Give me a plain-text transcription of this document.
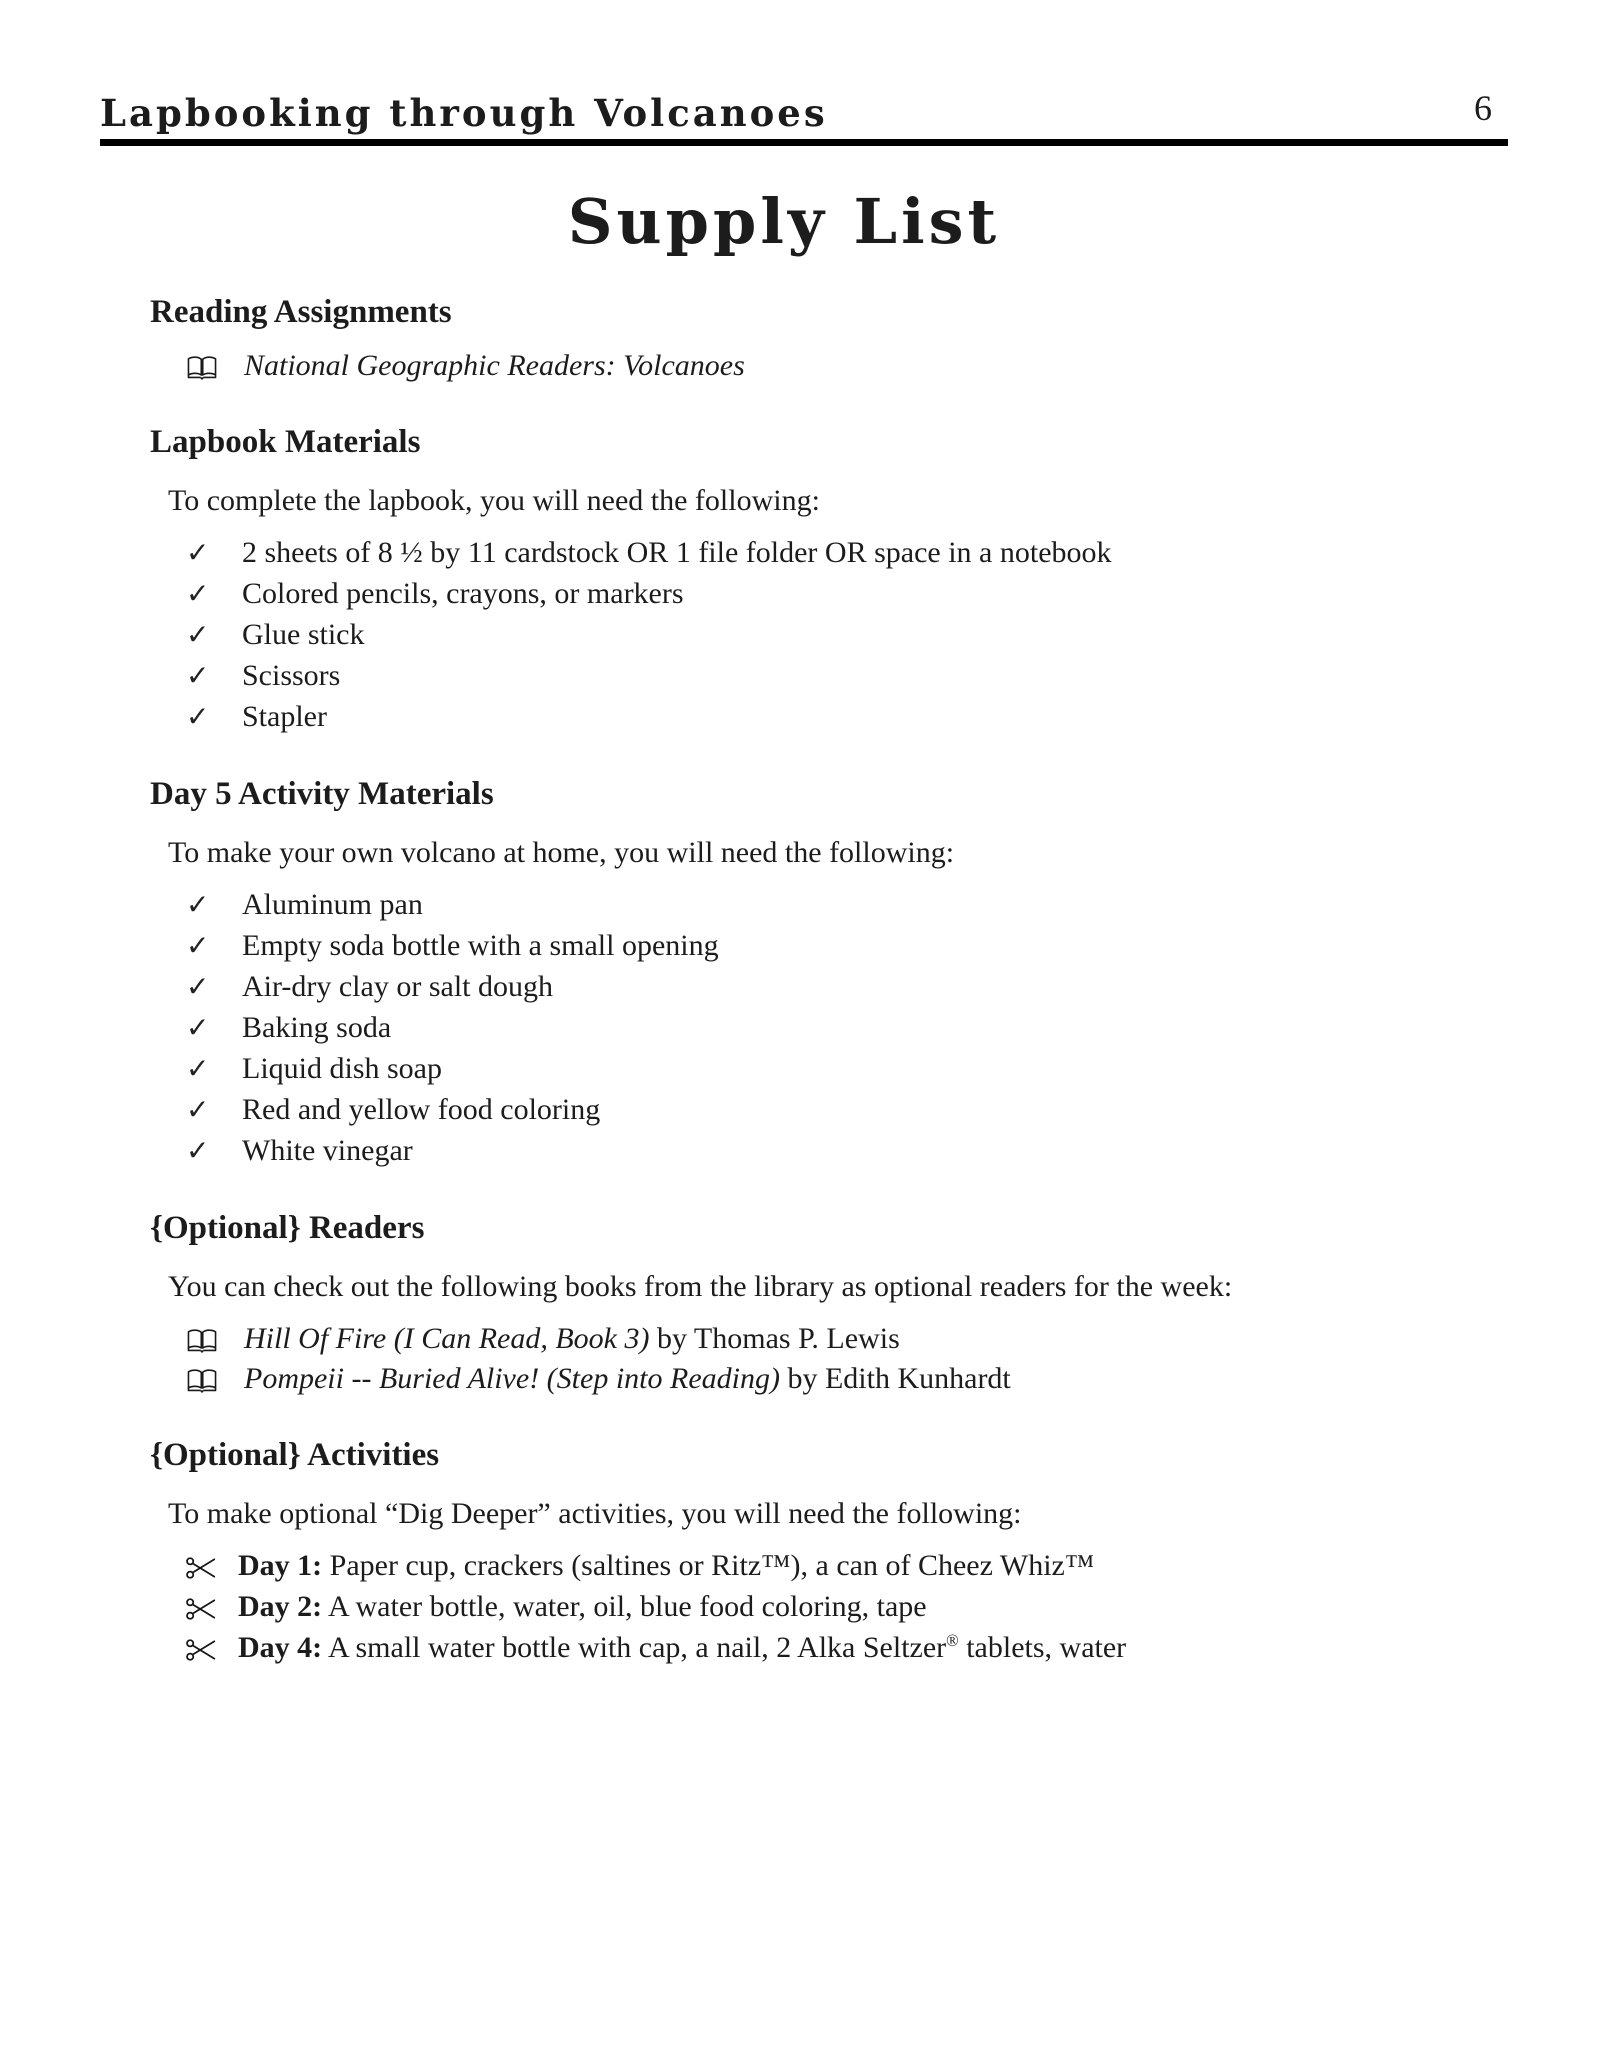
Lapbooking through Volcanoes	6
Supply List
Reading Assignments
National Geographic Readers: Volcanoes
Lapbook Materials

To complete the lapbook, you will need the following:

✓	2 sheets of 8 ½ by 11 cardstock OR 1 file folder OR space in a notebook
✓	Colored pencils, crayons, or markers
✓	Glue stick
✓	Scissors
✓	Stapler
Day 5 Activity Materials

To make your own volcano at home, you will need the following:

✓	Aluminum pan
✓	Empty soda bottle with a small opening
✓	Air-dry clay or salt dough
✓	Baking soda
✓	Liquid dish soap
✓	Red and yellow food coloring
✓	White vinegar
{Optional} Readers

You can check out the following books from the library as optional readers for the week:

Hill Of Fire (I Can Read, Book 3) by Thomas P. Lewis
Pompeii -- Buried Alive! (Step into Reading) by Edith Kunhardt
{Optional} Activities

To make optional “Dig Deeper” activities, you will need the following:

Day 1: Paper cup, crackers (saltines or Ritz™), a can of Cheez Whiz™
Day 2: A water bottle, water, oil, blue food coloring, tape
Day 4: A small water bottle with cap, a nail, 2 Alka Seltzer® tablets, water
